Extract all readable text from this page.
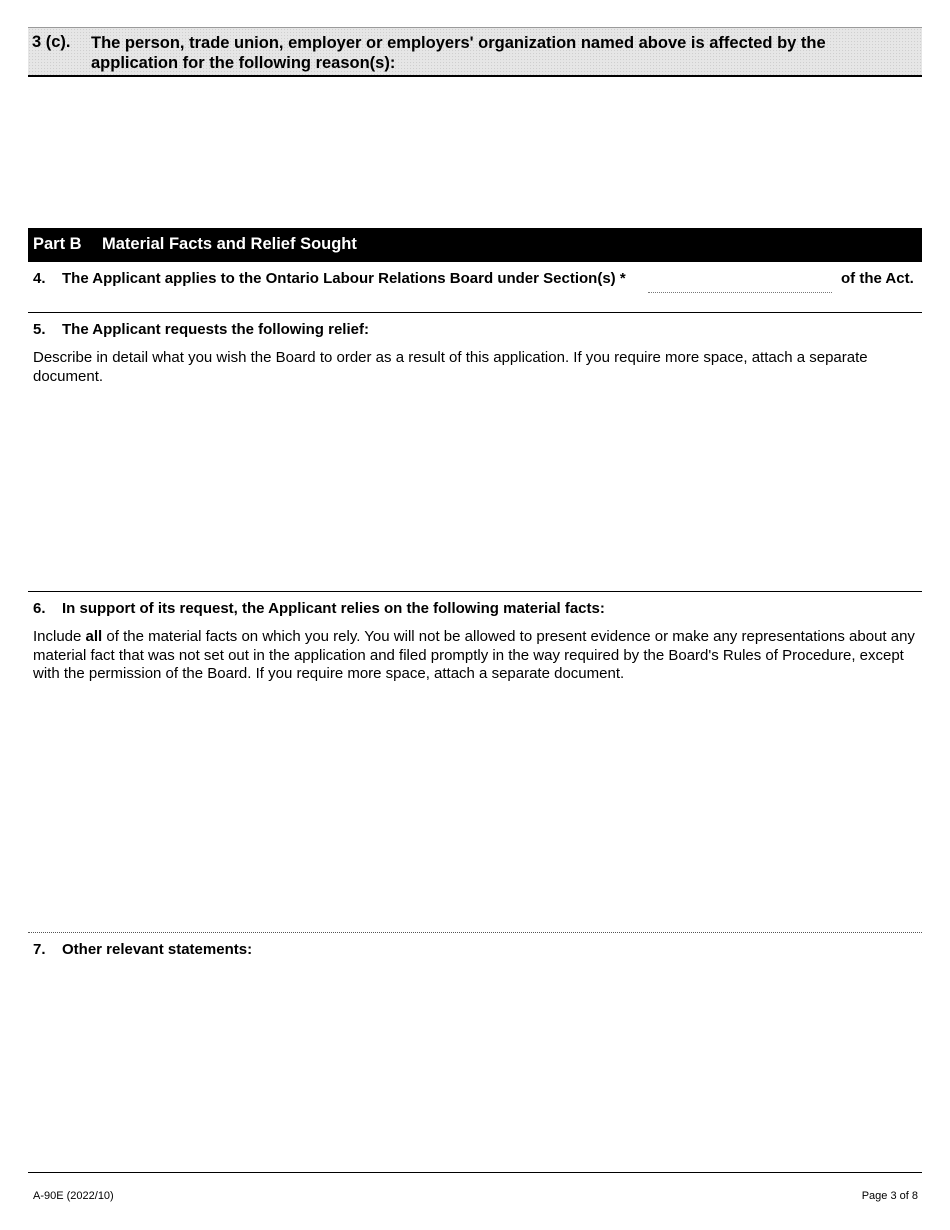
3 (c). The person, trade union, employer or employers' organization named above is affected by the application for the following reason(s):
Part B Material Facts and Relief Sought
4. The Applicant applies to the Ontario Labour Relations Board under Section(s) *	of the Act.
5. The Applicant requests the following relief:
Describe in detail what you wish the Board to order as a result of this application. If you require more space, attach a separate document.
6. In support of its request, the Applicant relies on the following material facts:
Include all of the material facts on which you rely. You will not be allowed to present evidence or make any representations about any material fact that was not set out in the application and filed promptly in the way required by the Board's Rules of Procedure, except with the permission of the Board. If you require more space, attach a separate document.
7. Other relevant statements:
A-90E (2022/10)	Page 3 of 8
